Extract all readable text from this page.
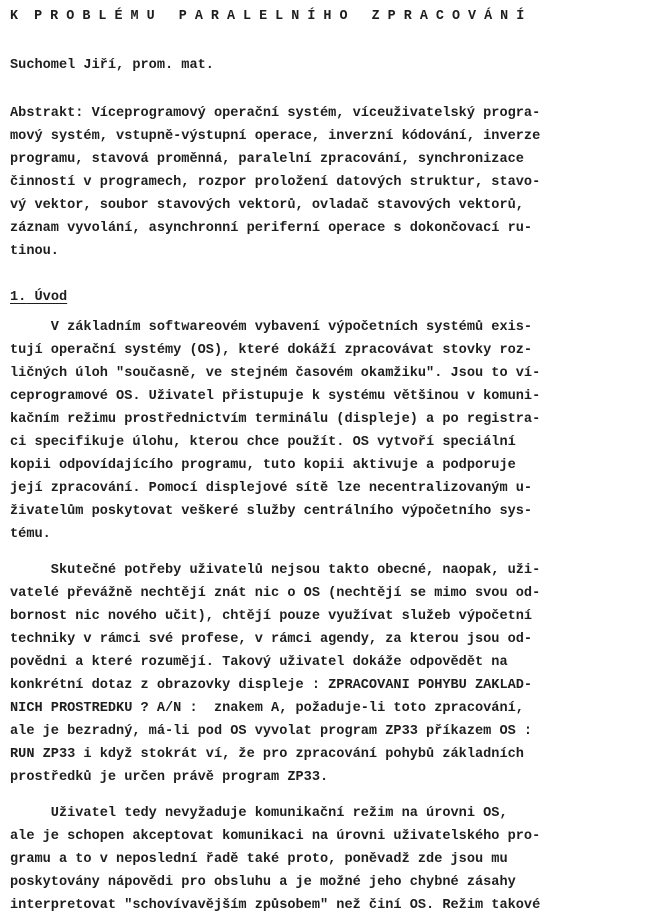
K  P R O B L É M U   P A R A L E L N Í H O   Z P R A C O V Á N Í
Suchomel Jiří, prom. mat.
Abstrakt: Víceprogramový operační systém, víceuživatelský progra-
mový systém, vstupně-výstupní operace, inverzní kódování, inverze
programu, stavová proměnná, paralelní zpracování, synchronizace
činností v programech, rozpor proložení datových struktur, stavo-
vý vektor, soubor stavových vektorů, ovladač stavových vektorů,
záznam vyvolání, asynchronní periferní operace s dokončovací ru-
tinou.
1. Úvod
V základním softwareovém vybavení výpočetních systémů exis-
tují operační systémy (OS), které dokáží zpracovávat stovky roz-
ličných úloh "současně, ve stejném časovém okamžiku". Jsou to ví-
ceprogramové OS. Uživatel přistupuje k systému většinou v komuni-
kačním režimu prostřednictvím terminálu (displeje) a po registra-
ci specifikuje úlohu, kterou chce použít. OS vytvoří speciální
kopii odpovídajícího programu, tuto kopii aktivuje a podporuje
její zpracování. Pomocí displejové sítě lze necentralizovaným u-
živatelům poskytovat veškeré služby centrálního výpočetního sys-
tému.
Skutečné potřeby uživatelů nejsou takto obecné, naopak, uži-
vatelé převážně nechtějí znát nic o OS (nechtějí se mimo svou od-
bornost nic nového učit), chtějí pouze využívat služeb výpočetní
techniky v rámci své profese, v rámci agendy, za kterou jsou od-
povědni a které rozumějí. Takový uživatel dokáže odpovědět na
konkrétní dotaz z obrazovky displeje : ZPRACOVANI POHYBU ZAKLAD-
NICH PROSTREDKU ? A/N :  znakem A, požaduje-li toto zpracování,
ale je bezradný, má-li pod OS vyvolat program ZP33 příkazem OS :
RUN ZP33 i když stokrát ví, že pro zpracování pohybů základních
prostředků je určen právě program ZP33.
Uživatel tedy nevyžaduje komunikační režim na úrovni OS,
ale je schopen akceptovat komunikaci na úrovni uživatelského pro-
gramu a to v neposlední řadě také proto, poněvadž zde jsou mu
poskytovány nápovědi pro obsluhu a je možné jeho chybné zásahy
interpretovat "schovívavějším způsobem" než činí OS. Režim takové
